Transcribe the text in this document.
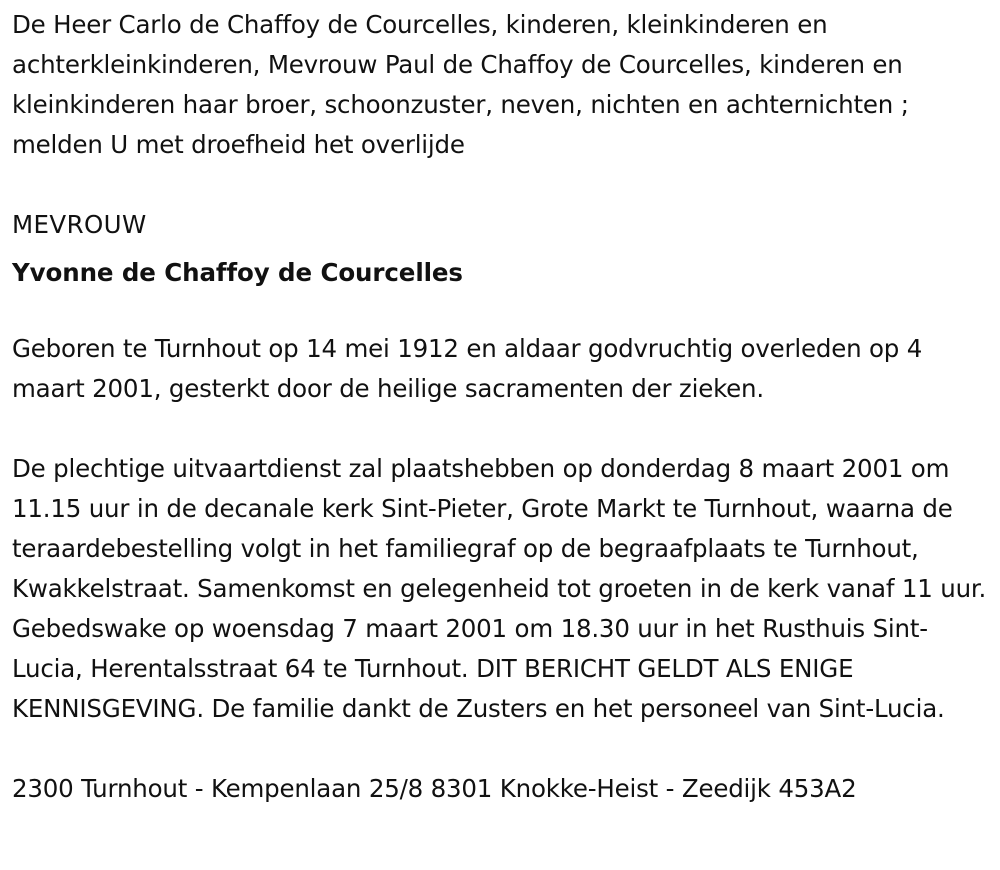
De Heer Carlo de Chaffoy de Courcelles, kinderen, kleinkinderen en achterkleinkinderen, Mevrouw Paul de Chaffoy de Courcelles, kinderen en kleinkinderen haar broer, schoonzuster, neven, nichten en achternichten ; melden U met droefheid het overlijde

MEVROUW

Yvonne de Chaffoy de Courcelles

Geboren te Turnhout op 14 mei 1912 en aldaar godvruchtig overleden op 4 maart 2001, gesterkt door de heilige sacramenten der zieken.

De plechtige uitvaartdienst zal plaatshebben op donderdag 8 maart 2001 om 11.15 uur in de decanale kerk Sint-Pieter, Grote Markt te Turnhout, waarna de teraardebestelling volgt in het familiegraf op de begraafplaats te Turnhout, Kwakkelstraat. Samenkomst en gelegenheid tot groeten in de kerk vanaf 11 uur. Gebedswake op woensdag 7 maart 2001 om 18.30 uur in het Rusthuis Sint-Lucia, Herentalsstraat 64 te Turnhout. DIT BERICHT GELDT ALS ENIGE KENNISGEVING. De familie dankt de Zusters en het personeel van Sint-Lucia.

2300 Turnhout - Kempenlaan 25/8 8301 Knokke-Heist - Zeedijk 453A2
